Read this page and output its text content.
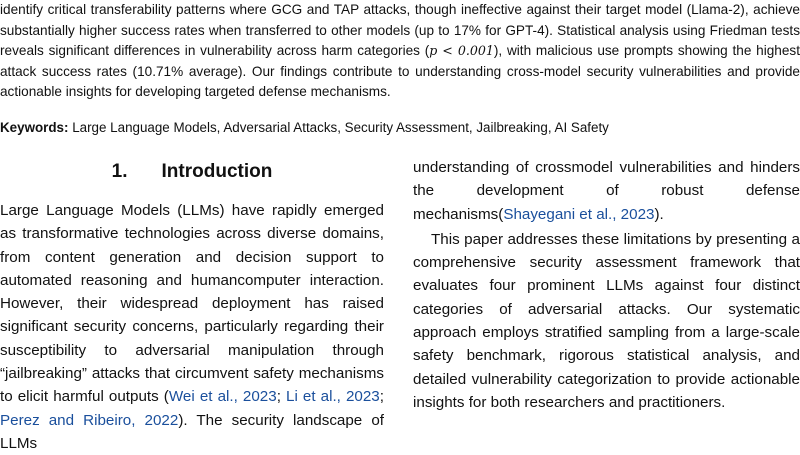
identify critical transferability patterns where GCG and TAP attacks, though ineffective against their target model (Llama-2), achieve substantially higher success rates when transferred to other models (up to 17% for GPT-4). Statistical analysis using Friedman tests reveals significant differences in vulnerability across harm categories (p < 0.001), with malicious use prompts showing the highest attack success rates (10.71% average). Our findings contribute to understanding cross-model security vulnerabilities and provide actionable insights for developing targeted defense mechanisms.

Keywords: Large Language Models, Adversarial Attacks, Security Assessment, Jailbreaking, AI Safety
1. Introduction

Large Language Models (LLMs) have rapidly emerged as transformative technologies across diverse domains, from content generation and decision support to automated reasoning and humancomputer interaction. However, their widespread deployment has raised significant security concerns, particularly regarding their susceptibility to adversarial manipulation through “jailbreaking” attacks that circumvent safety mechanisms to elicit harmful outputs (Wei et al., 2023; Li et al., 2023; Perez and Ribeiro, 2022). The security landscape of LLMs

understanding of crossmodel vulnerabilities and hinders the development of robust defense mechanisms(Shayegani et al., 2023).

This paper addresses these limitations by presenting a comprehensive security assessment framework that evaluates four prominent LLMs against four distinct categories of adversarial attacks. Our systematic approach employs stratified sampling from a large-scale safety benchmark, rigorous statistical analysis, and detailed vulnerability categorization to provide actionable insights for both researchers and practitioners.
